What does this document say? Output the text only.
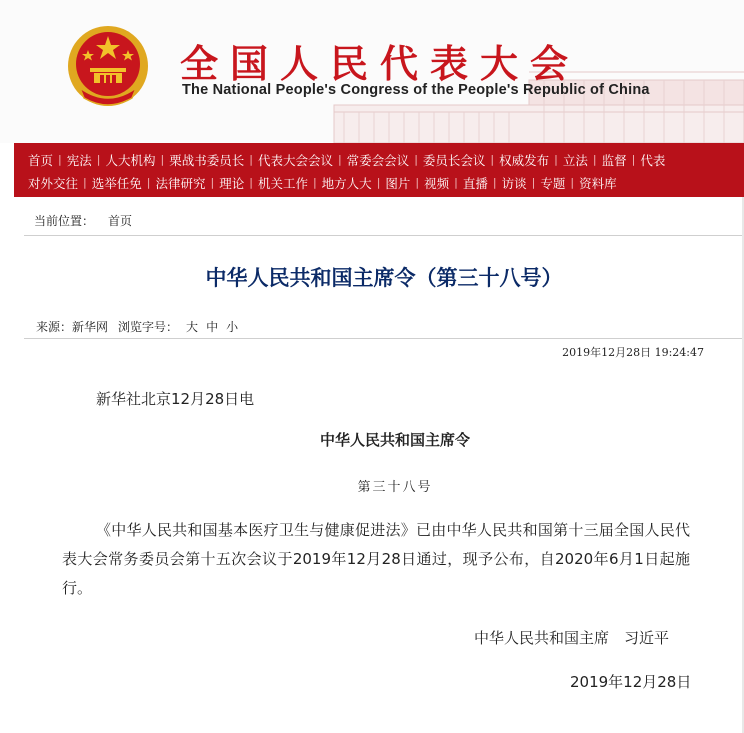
全国人民代表大会
The National People's Congress of the People's Republic of China
首页 | 宪法 | 人大机构 | 栗战书委员长 | 代表大会会议 | 常委会会议 | 委员长会议 | 权威发布 | 立法 | 监督 | 代表
对外交往 | 选举任免 | 法律研究 | 理论 | 机关工作 | 地方人大 | 图片 | 视频 | 直播 | 访谈 | 专题 | 资料库
当前位置： 首页
中华人民共和国主席令（第三十八号）
来源： 新华网 浏览字号： 大 中 小
2019年12月28日 19:24:47
新华社北京12月28日电
中华人民共和国主席令
第三十八号

《中华人民共和国基本医疗卫生与健康促进法》已由中华人民共和国第十三届全国人民代表大会常务委员会第十五次会议于2019年12月28日通过，现予公布，自2020年6月1日起施行。

中华人民共和国主席　习近平
2019年12月28日
